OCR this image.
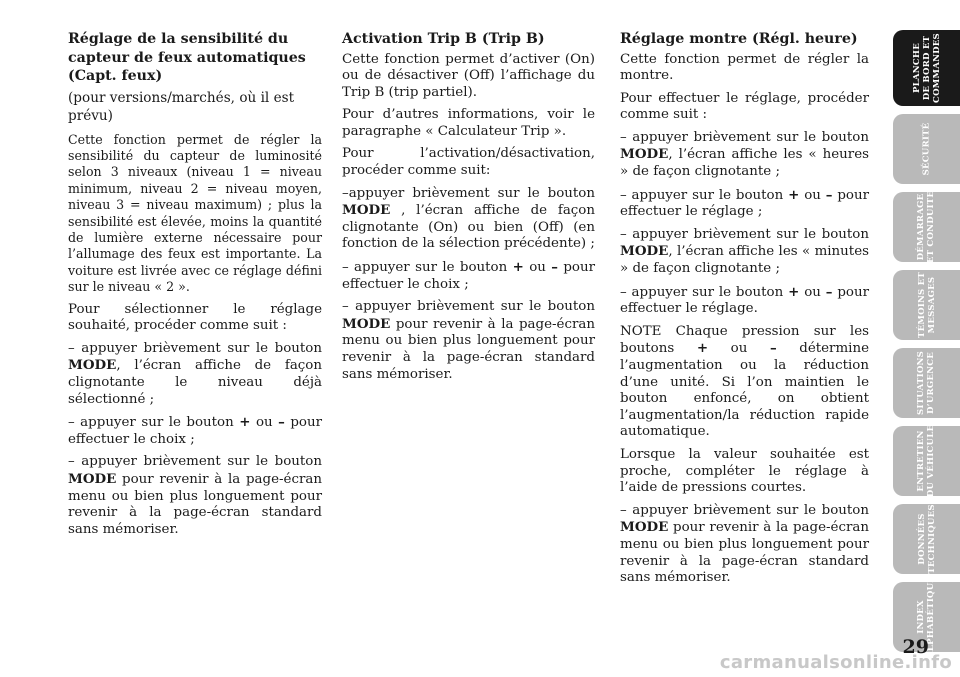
Réglage de la sensibilité du capteur de feux automatiques (Capt. feux)

(pour versions/marchés, où il est prévu)

Cette fonction permet de régler la sensibilité du capteur de luminosité selon 3 niveaux (niveau 1 = niveau minimum, niveau 2 = niveau moyen, niveau 3 = niveau maximum) ; plus la sensibilité est élevée, moins la quantité de lumière externe nécessaire pour l’allumage des feux est importante. La voiture est livrée avec ce réglage défini sur le niveau « 2 ».

Pour sélectionner le réglage souhaité, procéder comme suit :

– appuyer brièvement sur le bouton MODE, l’écran affiche de façon clignotante le niveau déjà sélectionné ;

– appuyer sur le bouton + ou – pour effectuer le choix ;

– appuyer brièvement sur le bouton MODE pour revenir à la page-écran menu ou bien plus longuement pour revenir à la page-écran standard sans mémoriser.

Activation Trip B (Trip B)

Cette fonction permet d’activer (On) ou de désactiver (Off) l’affichage du Trip B (trip partiel).

Pour d’autres informations, voir le paragraphe « Calculateur Trip ».

Pour l’activation/désactivation, procéder comme suit:

–appuyer brièvement sur le bouton MODE , l’écran affiche de façon clignotante (On) ou bien (Off) (en fonction de la sélection précédente) ;

– appuyer sur le bouton + ou – pour effectuer le choix ;

– appuyer brièvement sur le bouton MODE pour revenir à la page-écran menu ou bien plus longuement pour revenir à la page-écran standard sans mémoriser.

Réglage montre (Régl. heure)

Cette fonction permet de régler la montre.

Pour effectuer le réglage, procéder comme suit :

– appuyer brièvement sur le bouton MODE, l’écran affiche les « heures » de façon clignotante ;

– appuyer sur le bouton + ou – pour effectuer le réglage ;

– appuyer brièvement sur le bouton MODE, l’écran affiche les « minutes » de façon clignotante ;

– appuyer sur le bouton + ou – pour effectuer le réglage.

NOTE Chaque pression sur les boutons + ou – détermine l’augmentation ou la réduction d’une unité. Si l’on maintien le bouton enfoncé, on obtient l’augmentation/la réduction rapide automatique.

Lorsque la valeur souhaitée est proche, compléter le réglage à l’aide de pressions courtes.

– appuyer brièvement sur le bouton MODE pour revenir à la page-écran menu ou bien plus longuement pour revenir à la page-écran standard sans mémoriser.

PLANCHE
DE BORD ET
COMMANDES
SÉCURITÉ
DÉMARRAGE
ET CONDUITE
TÉMOINS ET
MESSAGES
SITUATIONS
D’URGENCE
ENTRETIEN
DU VÉHICULE
DONNÉES
TECHNIQUES
INDEX
ALPHABÉTIQUE
29
carmanualsonline.info
